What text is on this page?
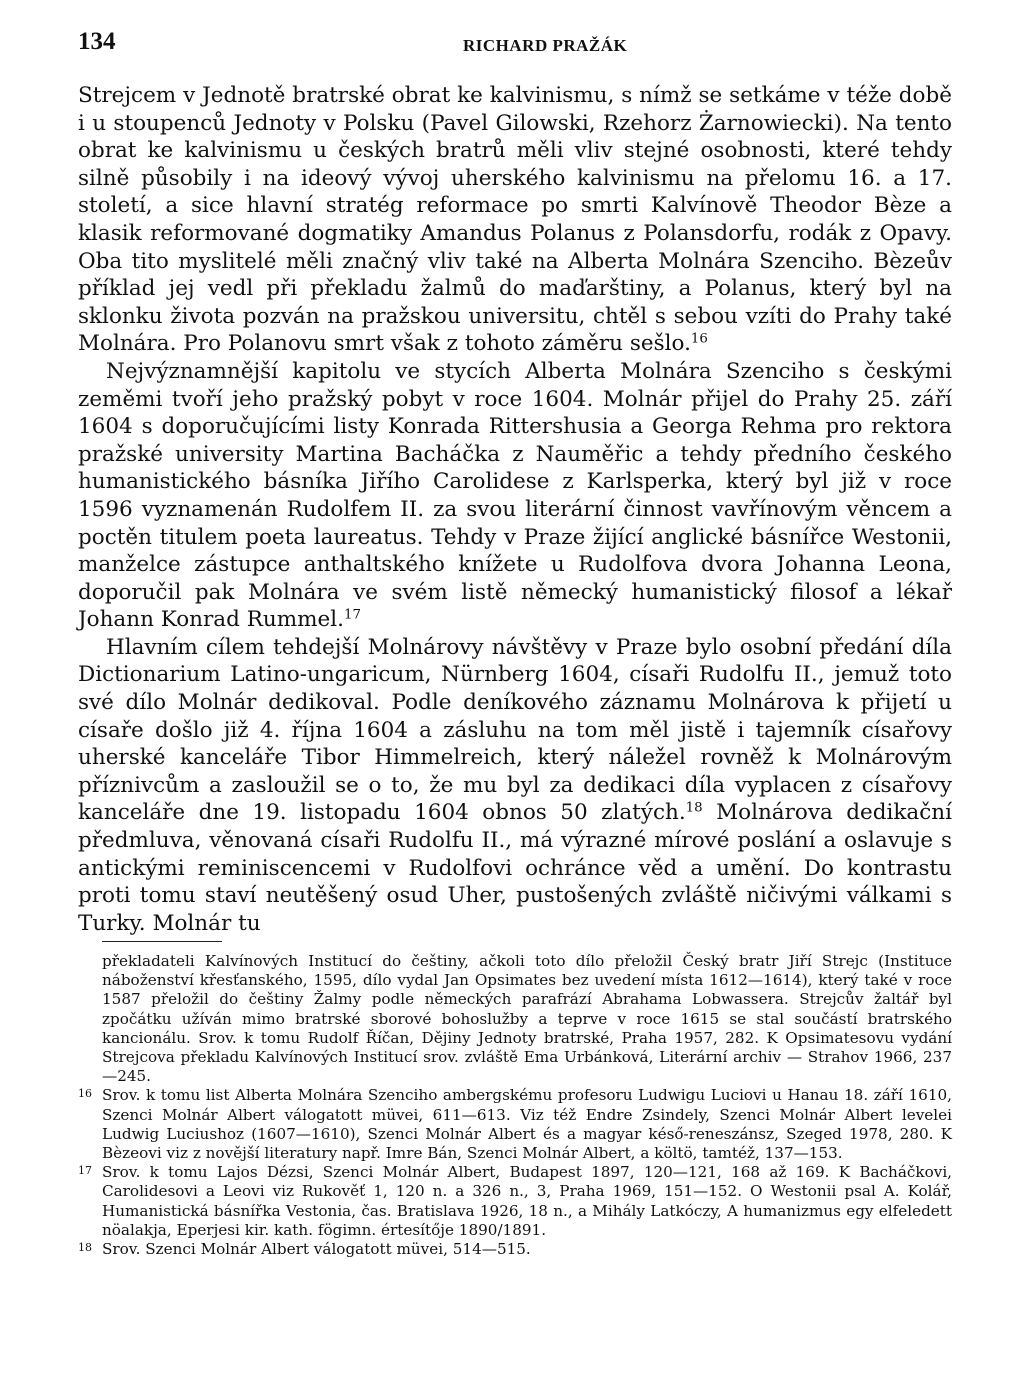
134	RICHARD PRAŽÁK

Strejcem v Jednotě bratrské obrat ke kalvinismu, s nímž se setkáme v téže době i u stoupenců Jednoty v Polsku (Pavel Gilowski, Rzehorz Żarnowiecki). Na tento obrat ke kalvinismu u českých bratrů měli vliv stejné osobnosti, které tehdy silně působily i na ideový vývoj uherského kalvinismu na přelomu 16. a 17. století, a sice hlavní stratég reformace po smrti Kalvínově Theodor Bèze a klasik reformované dogmatiky Amandus Polanus z Polansdorfu, rodák z Opavy. Oba tito myslitelé měli značný vliv také na Alberta Molnára Szenciho. Bèzeův příklad jej vedl při překladu žalmů do maďarštiny, a Polanus, který byl na sklonku života pozván na pražskou universitu, chtěl s sebou vzíti do Prahy také Molnára. Pro Polanovu smrt však z tohoto záměru sešlo.$^{16}$

Nejvýznamnější kapitolu ve stycích Alberta Molnára Szenciho s českými zeměmi tvoří jeho pražský pobyt v roce 1604. Molnár přijel do Prahy 25. září 1604 s doporučujícími listy Konrada Rittershusia a Georga Rehma pro rektora pražské university Martina Bacháčka z Nauměřic a tehdy předního českého humanistického básníka Jiřího Carolidese z Karlsperka, který byl již v roce 1596 vyznamenán Rudolfem II. za svou literární činnost vavřínovým věncem a poctěn titulem poeta laureatus. Tehdy v Praze žijící anglické básnířce Westonii, manželce zástupce anthaltského knížete u Rudolfova dvora Johanna Leona, doporučil pak Molnára ve svém listě německý humanistický filosof a lékař Johann Konrad Rummel.$^{17}$

Hlavním cílem tehdejší Molnárovy návštěvy v Praze bylo osobní předání díla Dictionarium Latino-ungaricum, Nürnberg 1604, císaři Rudolfu II., jemuž toto své dílo Molnár dedikoval. Podle deníkového záznamu Molnárova k přijetí u císaře došlo již 4. října 1604 a zásluhu na tom měl jistě i tajemník císařovy uherské kanceláře Tibor Himmelreich, který náležel rovněž k Molnárovým příznivcům a zasloužil se o to, že mu byl za dedikaci díla vyplacen z císařovy kanceláře dne 19. listopadu 1604 obnos 50 zlatých.$^{18}$ Molnárova dedikační předmluva, věnovaná císaři Rudolfu II., má výrazné mírové poslání a oslavuje s antickými reminiscencemi v Rudolfovi ochránce věd a umění. Do kontrastu proti tomu staví neutěšený osud Uher, pustošených zvláště ničivými válkami s Turky. Molnár tu

překladateli Kalvínových Institucí do češtiny, ačkoli toto dílo přeložil Český bratr Jiří Strejc (Instituce náboženství křesťanského, 1595, dílo vydal Jan Opsimates bez uvedení místa 1612—1614), který také v roce 1587 přeložil do češtiny Žalmy podle německých parafrází Abrahama Lobwassera. Strejcův žaltář byl zpočátku užíván mimo bratrské sborové bohoslužby a teprve v roce 1615 se stal součástí bratrského kancionálu. Srov. k tomu Rudolf Říčan, Dějiny Jednoty bratrské, Praha 1957, 282. K Opsimatesovu vydání Strejcova překladu Kalvínových Institucí srov. zvláště Ema Urbánková, Literární archiv — Strahov 1966, 237—245.
16 Srov. k tomu list Alberta Molnára Szenciho ambergskému profesoru Ludwigu Luciovi u Hanau 18. září 1610, Szenci Molnár Albert válogatott müvei, 611—613. Viz též Endre Zsindely, Szenci Molnár Albert levelei Ludwig Luciushoz (1607—1610), Szenci Molnár Albert és a magyar késő-reneszánsz, Szeged 1978, 280. K Bèzeovi viz z novější literatury např. Imre Bán, Szenci Molnár Albert, a költö, tamtéž, 137—153.
17 Srov. k tomu Lajos Dézsi, Szenci Molnár Albert, Budapest 1897, 120—121, 168 až 169. K Bacháčkovi, Carolidesovi a Leovi viz Rukověť 1, 120 n. a 326 n., 3, Praha 1969, 151—152. O Westonii psal A. Kolář, Humanistická básnířka Vestonia, čas. Bratislava 1926, 18 n., a Mihály Latkóczy, A humanizmus egy elfeledett nöalakja, Eperjesi kir. kath. fögimn. értesítője 1890/1891.
18 Srov. Szenci Molnár Albert válogatott müvei, 514—515.
